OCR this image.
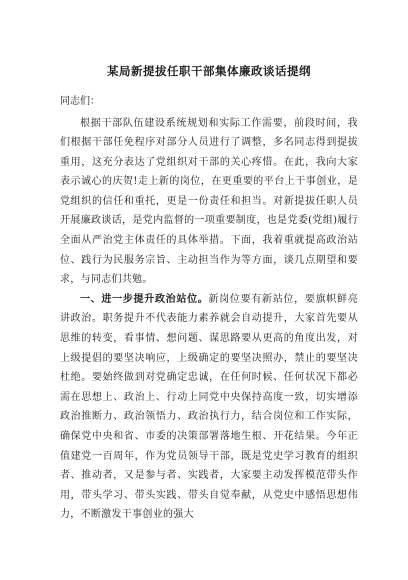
某局新提拔任职干部集体廉政谈话提纲
同志们：

根据干部队伍建设系统规划和实际工作需要，前段时间，我们根据干部任免程序对部分人员进行了调整，多名同志得到提拔重用，这充分表达了党组织对干部的关心疼惜。在此，我向大家表示诚心的庆贺!走上新的岗位，在更重要的平台上干事创业，是党组织的信任和重托，更是一份责任和担当。对新提拔任职人员开展廉政谈话，是党内监督的一项重要制度，也是党委(党组)履行全面从严治党主体责任的具体举措。下面，我着重就提高政治站位、践行为民服务宗旨、主动担当作为等方面，谈几点期望和要求，与同志们共勉。

一、进一步提升政治站位。新岗位要有新站位，要旗帜鲜亮讲政治。职务提升不代表能力素养就会自动提升，大家首先要从思维的转变，看事情、想问题、谋思路要从更高的角度出发，对上级提倡的要坚决响应，上级确定的要坚决照办，禁止的要坚决杜绝。要始终做到对党确定忠诚，在任何时候、任何状况下都必需在思想上、政治上、行动上同党中央保持高度一致，切实增添政治推断力、政治领悟力、政治执行力，结合岗位和工作实际，确保党中央和省、市委的决策部署落地生根、开花结果。今年正值建党一百周年，作为党员领导干部，既是党史学习教育的组织者、推动者，又是参与者、实践者，大家要主动发挥模范带头作用，带头学习、带头实践、带头自觉奉献，从党史中感悟思想伟力，不断激发干事创业的强大
